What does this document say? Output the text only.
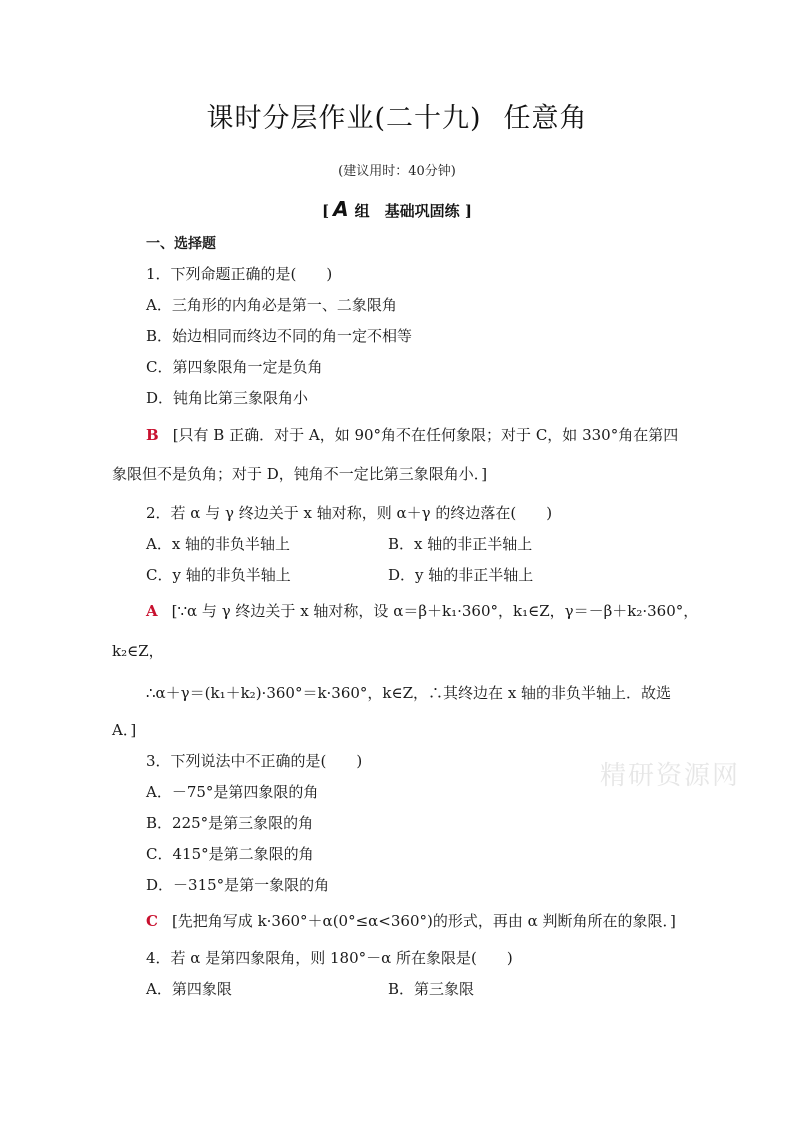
课时分层作业(二十九) 任意角
(建议用时：40分钟)
[ A 组　基础巩固练 ]
一、选择题
1．下列命题正确的是(　　)
A．三角形的内角必是第一、二象限角
B．始边相同而终边不同的角一定不相等
C．第四象限角一定是负角
D．钝角比第三象限角小
B [只有 B 正确．对于 A，如 90°角不在任何象限；对于 C，如 330°角在第四
象限但不是负角；对于 D，钝角不一定比第三象限角小．]
2．若 α 与 γ 终边关于 x 轴对称，则 α＋γ 的终边落在(　　)
A．x 轴的非负半轴上	B．x 轴的非正半轴上
C．y 轴的非负半轴上	D．y 轴的非正半轴上
A [∵α 与 γ 终边关于 x 轴对称，设 α＝β＋k₁·360°，k₁∈Z，γ＝－β＋k₂·360°，
k₂∈Z，
∴α＋γ＝(k₁＋k₂)·360°＝k·360°，k∈Z，∴其终边在 x 轴的非负半轴上．故选
A．]
3．下列说法中不正确的是(　　)
A．－75°是第四象限的角
B．225°是第三象限的角
C．415°是第二象限的角
D．－315°是第一象限的角
C [先把角写成 k·360°＋α(0°≤α<360°)的形式，再由 α 判断角所在的象限．]
4．若 α 是第四象限角，则 180°－α 所在象限是(　　)
A．第四象限	B．第三象限
精研资源网
